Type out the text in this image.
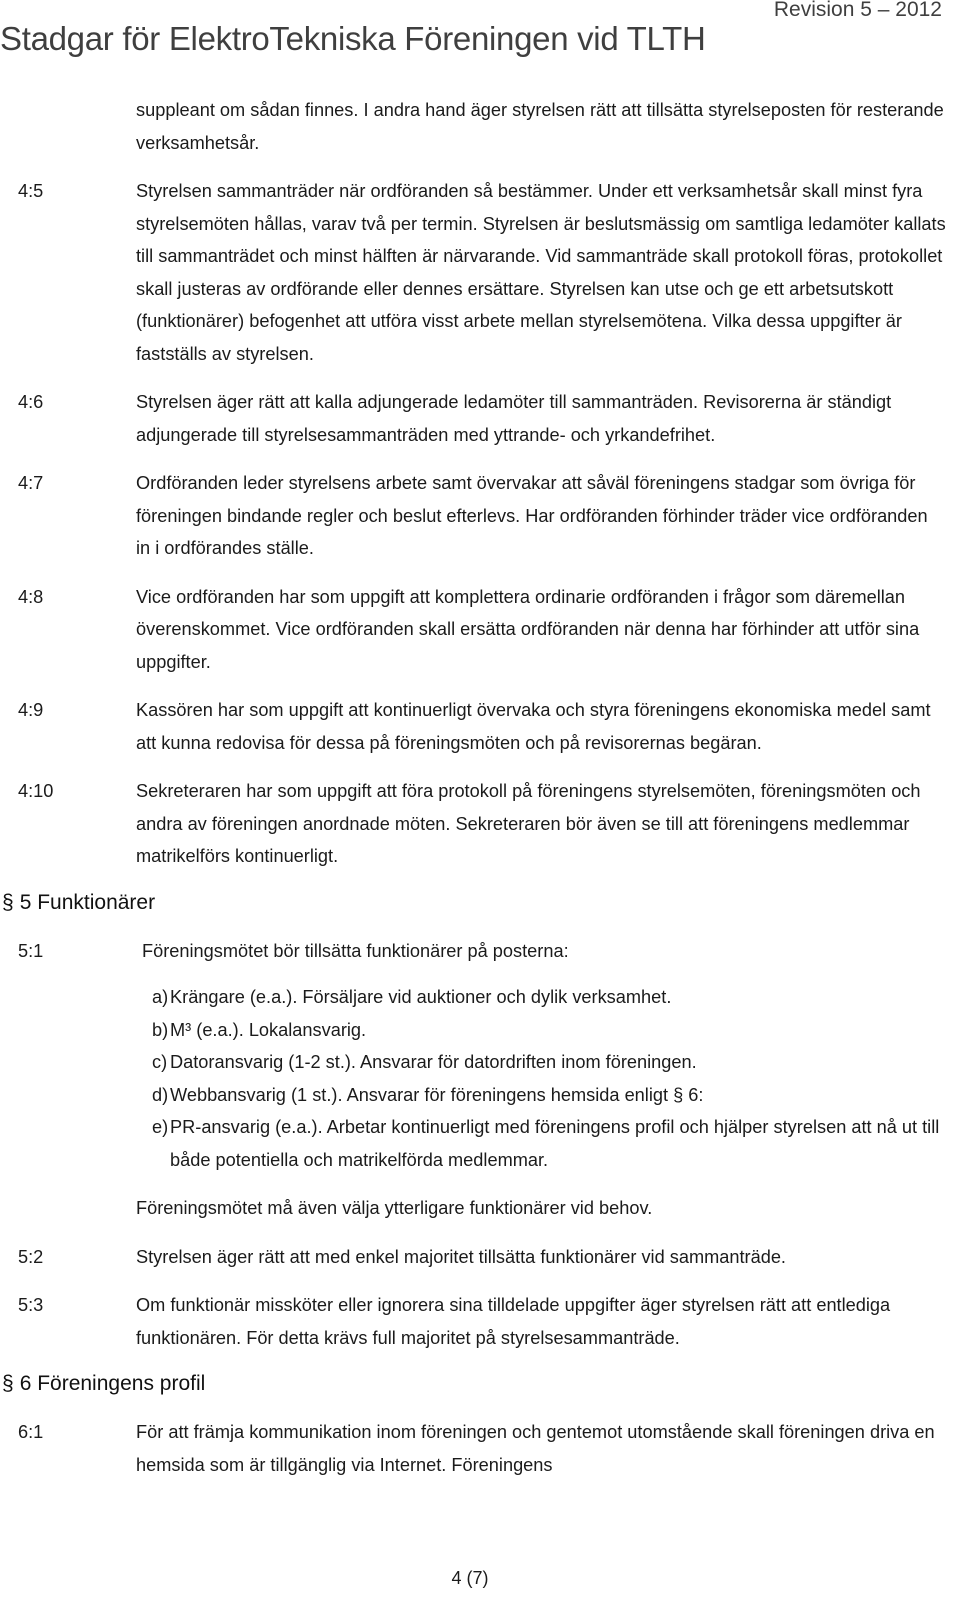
Stadgar för ElektroTekniska Föreningen vid TLTH
Revision 5 – 2012
suppleant om sådan finnes. I andra hand äger styrelsen rätt att tillsätta styrelseposten för resterande verksamhetsår.
4:5	Styrelsen sammanträder när ordföranden så bestämmer. Under ett verksamhetsår skall minst fyra styrelsemöten hållas, varav två per termin. Styrelsen är beslutsmässig om samtliga ledamöter kallats till sammanträdet och minst hälften är närvarande. Vid sammanträde skall protokoll föras, protokollet skall justeras av ordförande eller dennes ersättare. Styrelsen kan utse och ge ett arbetsutskott (funktionärer) befogenhet att utföra visst arbete mellan styrelsemötena. Vilka dessa uppgifter är fastställs av styrelsen.
4:6	Styrelsen äger rätt att kalla adjungerade ledamöter till sammanträden. Revisorerna är ständigt adjungerade till styrelsesammanträden med yttrande- och yrkandefrihet.
4:7	Ordföranden leder styrelsens arbete samt övervakar att såväl föreningens stadgar som övriga för föreningen bindande regler och beslut efterlevs. Har ordföranden förhinder träder vice ordföranden in i ordförandes ställe.
4:8	Vice ordföranden har som uppgift att komplettera ordinarie ordföranden i frågor som däremellan överenskommet. Vice ordföranden skall ersätta ordföranden när denna har förhinder att utför sina uppgifter.
4:9	Kassören har som uppgift att kontinuerligt övervaka och styra föreningens ekonomiska medel samt att kunna redovisa för dessa på föreningsmöten och på revisorernas begäran.
4:10	Sekreteraren har som uppgift att föra protokoll på föreningens styrelsemöten, föreningsmöten och andra av föreningen anordnade möten. Sekreteraren bör även se till att föreningens medlemmar matrikelförs kontinuerligt.
§ 5 Funktionärer
5:1	Föreningsmötet bör tillsätta funktionärer på posterna:
a) Krängare (e.a.). Försäljare vid auktioner och dylik verksamhet.
b) M³ (e.a.). Lokalansvarig.
c) Datoransvarig (1-2 st.). Ansvarar för datordriften inom föreningen.
d) Webbansvarig (1 st.). Ansvarar för föreningens hemsida enligt § 6:
e) PR-ansvarig (e.a.). Arbetar kontinuerligt med föreningens profil och hjälper styrelsen att nå ut till både potentiella och matrikelförda medlemmar.
Föreningsmötet må även välja ytterligare funktionärer vid behov.
5:2	Styrelsen äger rätt att med enkel majoritet tillsätta funktionärer vid sammanträde.
5:3	Om funktionär missköter eller ignorera sina tilldelade uppgifter äger styrelsen rätt att entlediga funktionären. För detta krävs full majoritet på styrelsesammanträde.
§ 6 Föreningens profil
6:1	För att främja kommunikation inom föreningen och gentemot utomstående skall föreningen driva en hemsida som är tillgänglig via Internet. Föreningens
4 (7)
